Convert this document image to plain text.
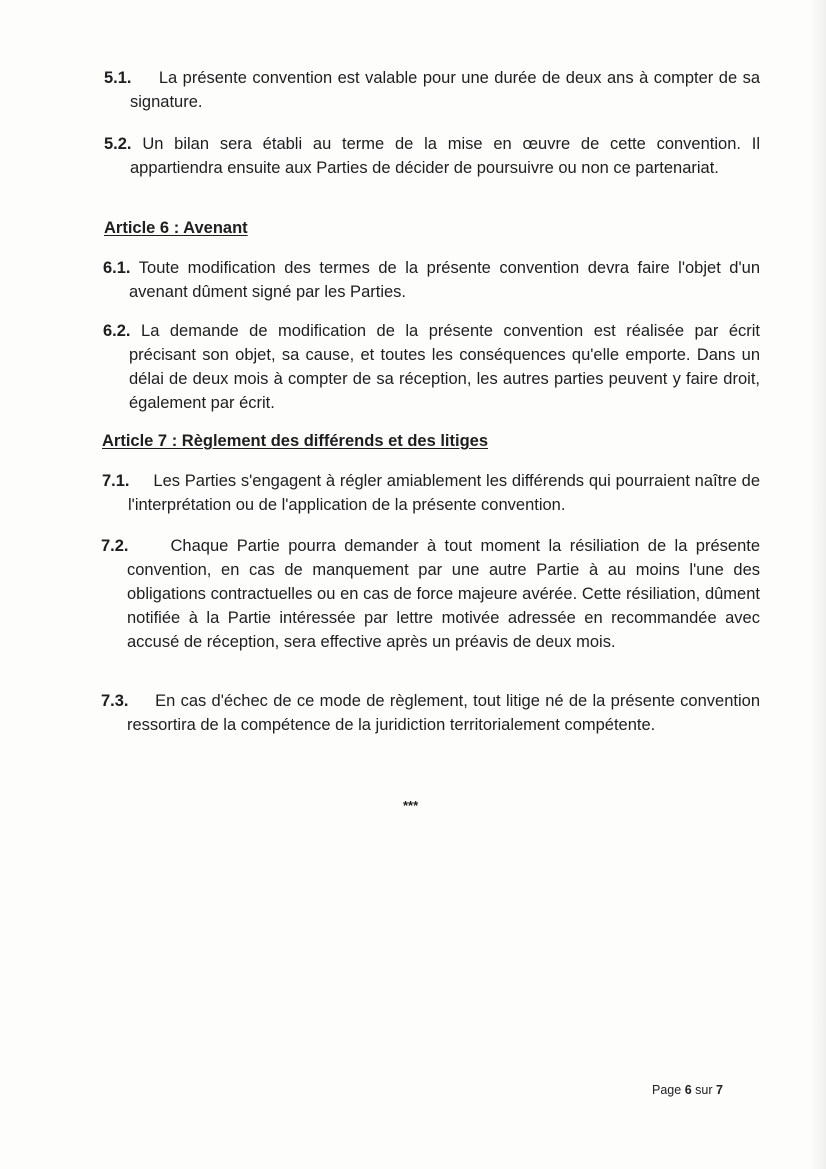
5.1. La présente convention est valable pour une durée de deux ans à compter de sa signature.
5.2. Un bilan sera établi au terme de la mise en œuvre de cette convention. Il appartiendra ensuite aux Parties de décider de poursuivre ou non ce partenariat.
Article 6 : Avenant
6.1. Toute modification des termes de la présente convention devra faire l'objet d'un avenant dûment signé par les Parties.
6.2. La demande de modification de la présente convention est réalisée par écrit précisant son objet, sa cause, et toutes les conséquences qu'elle emporte. Dans un délai de deux mois à compter de sa réception, les autres parties peuvent y faire droit, également par écrit.
Article 7 : Règlement des différends et des litiges
7.1. Les Parties s'engagent à régler amiablement les différends qui pourraient naître de l'interprétation ou de l'application de la présente convention.
7.2.	Chaque Partie pourra demander à tout moment la résiliation de la présente convention, en cas de manquement par une autre Partie à au moins l'une des obligations contractuelles ou en cas de force majeure avérée. Cette résiliation, dûment notifiée à la Partie intéressée par lettre motivée adressée en recommandée avec accusé de réception, sera effective après un préavis de deux mois.
7.3. En cas d'échec de ce mode de règlement, tout litige né de la présente convention ressortira de la compétence de la juridiction territorialement compétente.
***
Page 6 sur 7
